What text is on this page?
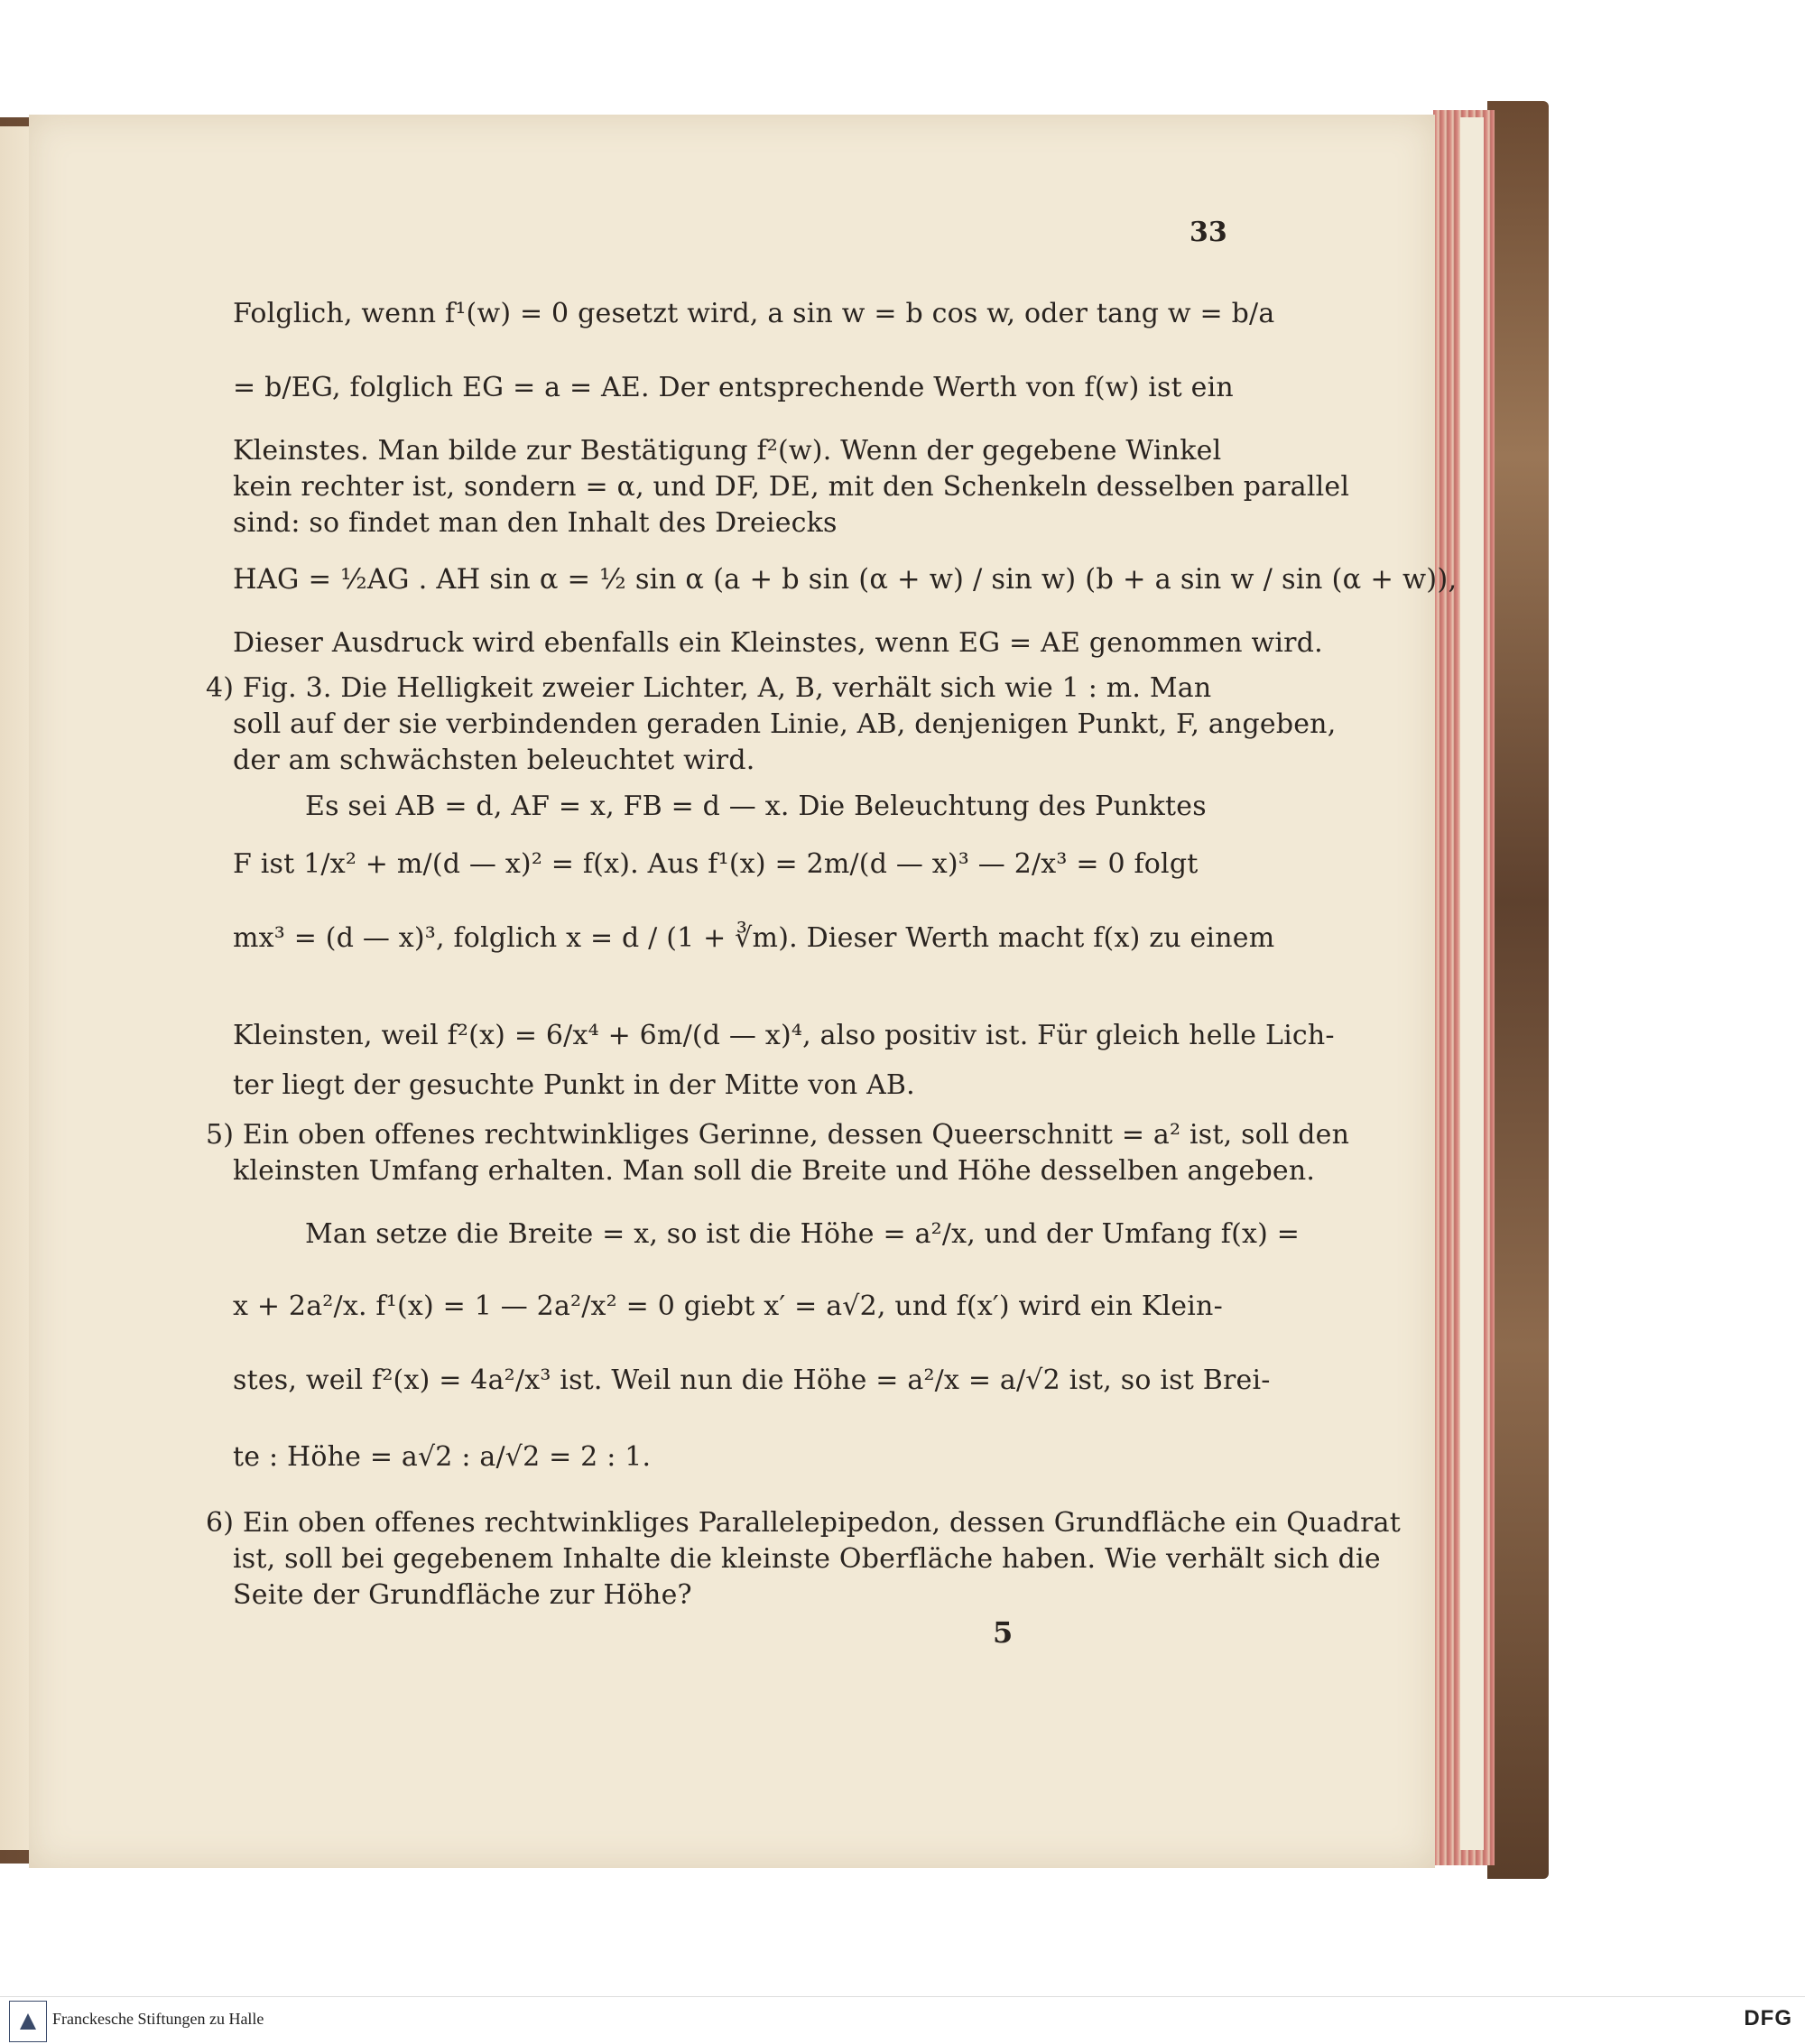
33
Folglich, wenn f¹(w) = 0 gesetzt wird, a sin w = b cos w, oder tang w = b/a
= b/EG, folglich EG = a = AE. Der entsprechende Werth von f(w) ist ein
Kleinstes. Man bilde zur Bestätigung f²(w). Wenn der gegebene Winkel
kein rechter ist, sondern = α, und DF, DE, mit den Schenkeln desselben parallel
sind: so findet man den Inhalt des Dreiecks
HAG = ½AG . AH sin α = ½ sin α (a + b sin (α + w) / sin w) (b + a sin w / sin (α + w)),
Dieser Ausdruck wird ebenfalls ein Kleinstes, wenn EG = AE genommen wird.
4) Fig. 3. Die Helligkeit zweier Lichter, A, B, verhält sich wie 1 : m. Man
soll auf der sie verbindenden geraden Linie, AB, denjenigen Punkt, F, angeben,
der am schwächsten beleuchtet wird.
Es sei AB = d, AF = x, FB = d — x. Die Beleuchtung des Punktes
F ist 1/x² + m/(d — x)² = f(x). Aus f¹(x) = 2m/(d — x)³ — 2/x³ = 0 folgt
mx³ = (d — x)³, folglich x = d / (1 + ∛m). Dieser Werth macht f(x) zu einem
Kleinsten, weil f²(x) = 6/x⁴ + 6m/(d — x)⁴, also positiv ist. Für gleich helle Lich-
ter liegt der gesuchte Punkt in der Mitte von AB.
5) Ein oben offenes rechtwinkliges Gerinne, dessen Queerschnitt = a² ist, soll den
kleinsten Umfang erhalten. Man soll die Breite und Höhe desselben angeben.
Man setze die Breite = x, so ist die Höhe = a²/x, und der Umfang f(x) =
x + 2a²/x. f¹(x) = 1 — 2a²/x² = 0 giebt x′ = a√2, und f(x′) wird ein Klein-
stes, weil f²(x) = 4a²/x³ ist. Weil nun die Höhe = a²/x = a/√2 ist, so ist Brei-
te : Höhe = a√2 : a/√2 = 2 : 1.
6) Ein oben offenes rechtwinkliges Parallelepipedon, dessen Grundfläche ein Quadrat
ist, soll bei gegebenem Inhalte die kleinste Oberfläche haben. Wie verhält sich die
Seite der Grundfläche zur Höhe?
5
Franckesche Stiftungen zu Halle	DFG
